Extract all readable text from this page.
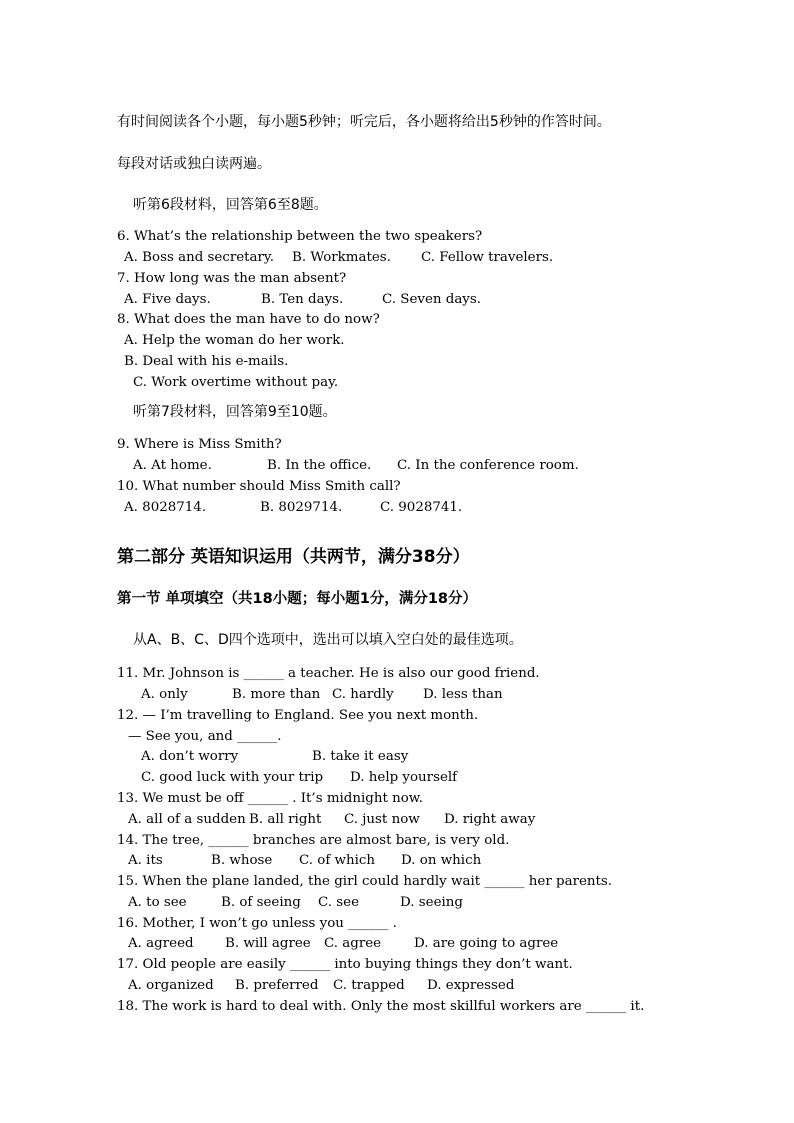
有时间阅读各个小题，每小题5秒钟；听完后，各小题将给出5秒钟的作答时间。
每段对话或独白读两遍。
听第6段材料，回答第6至8题。
6. What’s the relationship between the two speakers?
A. Boss and secretary. B. Workmates. C. Fellow travelers.
7. How long was the man absent?
A. Five days.	B. Ten days.	C. Seven days.
8. What does the man have to do now?
A. Help the woman do her work.
B. Deal with his e-mails.
C. Work overtime without pay.
听第7段材料，回答第9至10题。
9. Where is Miss Smith?
A. At home.	B. In the office. C. In the conference room.
10. What number should Miss Smith call?
A. 8028714.	B. 8029714.	C. 9028741.
第二部分 英语知识运用（共两节，满分38分）
第一节 单项填空（共18小题；每小题1分，满分18分）
从A、B、C、D四个选项中，选出可以填入空白处的最佳选项。
11. Mr. Johnson is ______ a teacher. He is also our good friend.
A. only	B. more than C. hardly D. less than
12. — I’m travelling to England. See you next month.
— See you, and ______.
A. don’t worry	B. take it easy
C. good luck with your trip D. help yourself
13. We must be off ______ . It’s midnight now.
A. all of a sudden B. all right C. just now D. right away
14. The tree, ______ branches are almost bare, is very old.
A. its	B. whose C. of which D. on which
15. When the plane landed, the girl could hardly wait ______ her parents.
A. to see	B. of seeing C. see	D. seeing
16. Mother, I won’t go unless you ______ .
A. agreed B. will agree C. agree D. are going to agree
17. Old people are easily ______ into buying things they don’t want.
A. organized B. preferred C. trapped D. expressed
18. The work is hard to deal with. Only the most skillful workers are ______ it.
